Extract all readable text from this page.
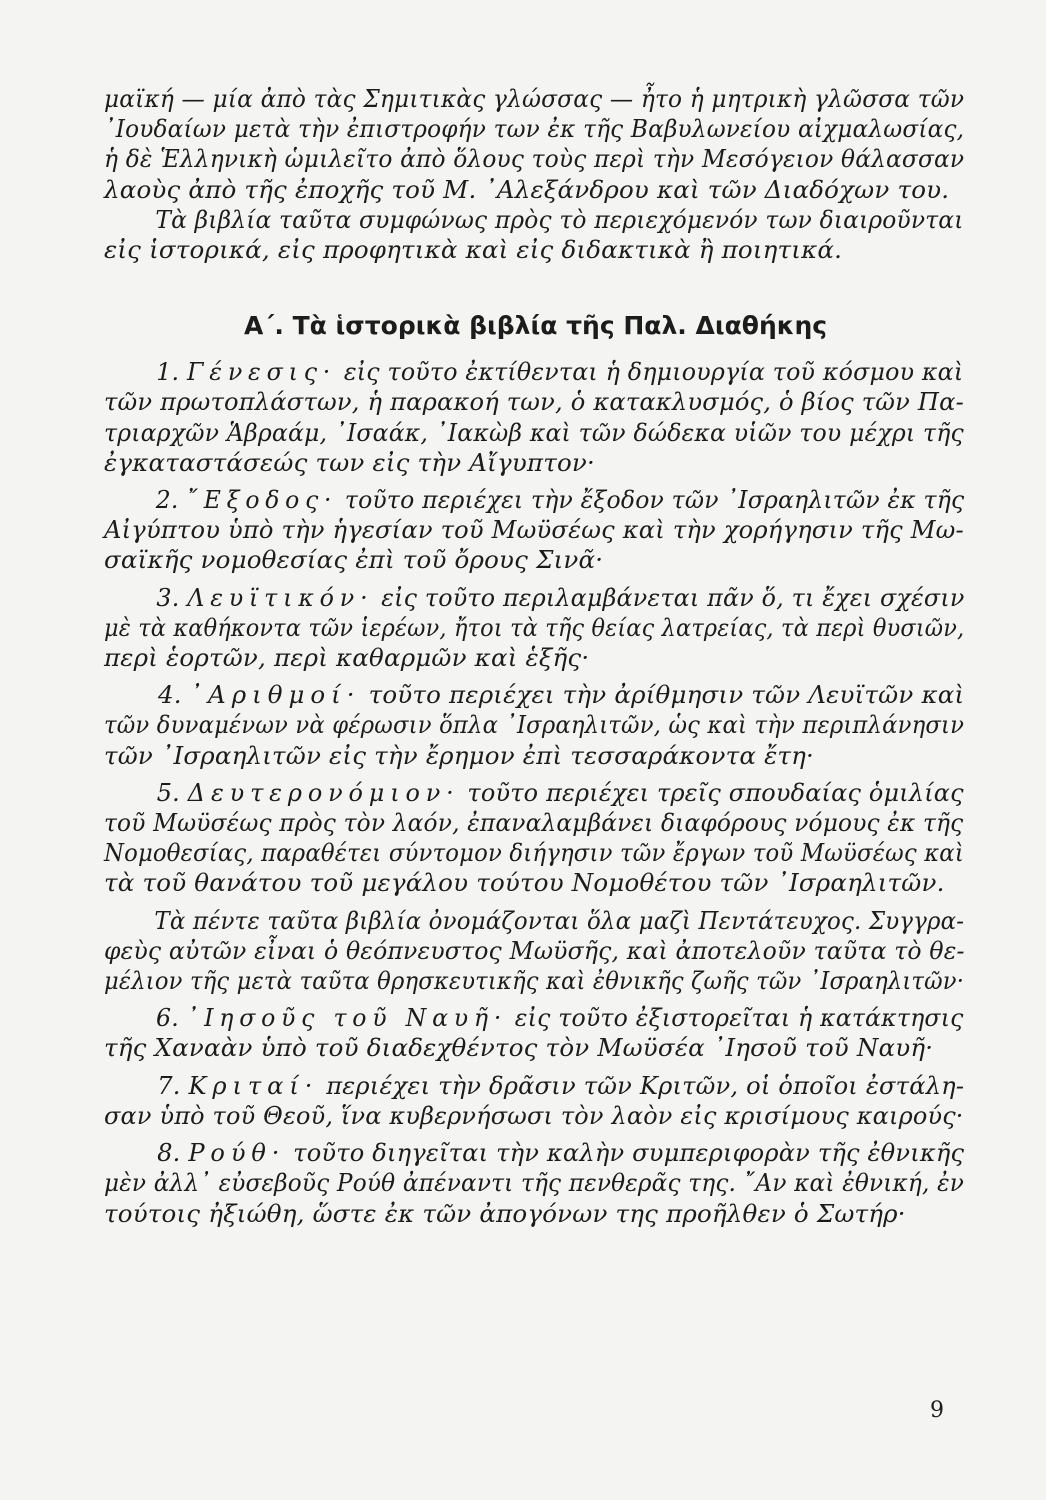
μαϊκή — μία ἀπὸ τὰς Σημιτικὰς γλώσσας — ἦτο ἡ μητρικὴ γλῶσσα τῶν
᾿Ιουδαίων μετὰ τὴν ἐπιστροφήν των ἐκ τῆς Βαβυλωνείου αἰχμαλωσίας,
ἡ δὲ Ἑλληνικὴ ὡμιλεῖτο ἀπὸ ὅλους τοὺς περὶ τὴν Μεσόγειον θάλασσαν
λαοὺς ἀπὸ τῆς ἐποχῆς τοῦ Μ. ᾿Αλεξάνδρου καὶ τῶν Διαδόχων του.
Τὰ βιβλία ταῦτα συμφώνως πρὸς τὸ περιεχόμενόν των διαιροῦνται
εἰς ἱστορικά, εἰς προφητικὰ καὶ εἰς διδακτικὰ ἢ ποιητικά.
Α΄. Τὰ ἱστορικὰ βιβλία τῆς Παλ. Διαθήκης
1. Γένεσις· εἰς τοῦτο ἐκτίθενται ἡ δημιουργία τοῦ κόσμου καὶ
τῶν πρωτοπλάστων, ἡ παρακοή των, ὁ κατακλυσμός, ὁ βίος τῶν Πα-
τριαρχῶν Ἁβραάμ, ᾿Ισαάκ, ᾿Ιακὼβ καὶ τῶν δώδεκα υἱῶν του μέχρι τῆς
ἐγκαταστάσεώς των εἰς τὴν Αἴγυπτον·
2. ῎Εξοδος· τοῦτο περιέχει τὴν ἔξοδον τῶν ᾿Ισραηλιτῶν ἐκ τῆς
Αἰγύπτου ὑπὸ τὴν ἡγεσίαν τοῦ Μωϋσέως καὶ τὴν χορήγησιν τῆς Μω-
σαϊκῆς νομοθεσίας ἐπὶ τοῦ ὄρους Σινᾶ·
3. Λευϊτικόν· εἰς τοῦτο περιλαμβάνεται πᾶν ὅ, τι ἔχει σχέσιν
μὲ τὰ καθήκοντα τῶν ἱερέων, ἤτοι τὰ τῆς θείας λατρείας, τὰ περὶ θυσιῶν,
περὶ ἑορτῶν, περὶ καθαρμῶν καὶ ἑξῆς·
4. ᾿Αριθμοί· τοῦτο περιέχει τὴν ἀρίθμησιν τῶν Λευϊτῶν καὶ
τῶν δυναμένων νὰ φέρωσιν ὅπλα ᾿Ισραηλιτῶν, ὡς καὶ τὴν περιπλάνησιν
τῶν ᾿Ισραηλιτῶν εἰς τὴν ἔρημον ἐπὶ τεσσαράκοντα ἔτη·
5. Δευτερονόμιον· τοῦτο περιέχει τρεῖς σπουδαίας ὁμιλίας
τοῦ Μωϋσέως πρὸς τὸν λαόν, ἐπαναλαμβάνει διαφόρους νόμους ἐκ τῆς
Νομοθεσίας, παραθέτει σύντομον διήγησιν τῶν ἔργων τοῦ Μωϋσέως καὶ
τὰ τοῦ θανάτου τοῦ μεγάλου τούτου Νομοθέτου τῶν ᾿Ισραηλιτῶν.
Τὰ πέντε ταῦτα βιβλία ὀνομάζονται ὅλα μαζὶ Πεντάτευχος. Συγγρα-
φεὺς αὐτῶν εἶναι ὁ θεόπνευστος Μωϋσῆς, καὶ ἀποτελοῦν ταῦτα τὸ θε-
μέλιον τῆς μετὰ ταῦτα θρησκευτικῆς καὶ ἐθνικῆς ζωῆς τῶν ᾿Ισραηλιτῶν·
6. ᾿Ιησοῦς τοῦ Ναυῆ· εἰς τοῦτο ἐξιστορεῖται ἡ κατάκτησις
τῆς Χαναὰν ὑπὸ τοῦ διαδεχθέντος τὸν Μωϋσέα ᾿Ιησοῦ τοῦ Ναυῆ·
7. Κριταί· περιέχει τὴν δρᾶσιν τῶν Κριτῶν, οἱ ὁποῖοι ἐστάλη-
σαν ὑπὸ τοῦ Θεοῦ, ἵνα κυβερνήσωσι τὸν λαὸν εἰς κρισίμους καιρούς·
8. Ρούθ· τοῦτο διηγεῖται τὴν καλὴν συμπεριφορὰν τῆς ἐθνικῆς
μὲν ἀλλ᾿ εὐσεβοῦς Ρούθ ἀπέναντι τῆς πενθερᾶς της. ῎Αν καὶ ἐθνική, ἐν
τούτοις ἠξιώθη, ὥστε ἐκ τῶν ἀπογόνων της προῆλθεν ὁ Σωτήρ·
9
